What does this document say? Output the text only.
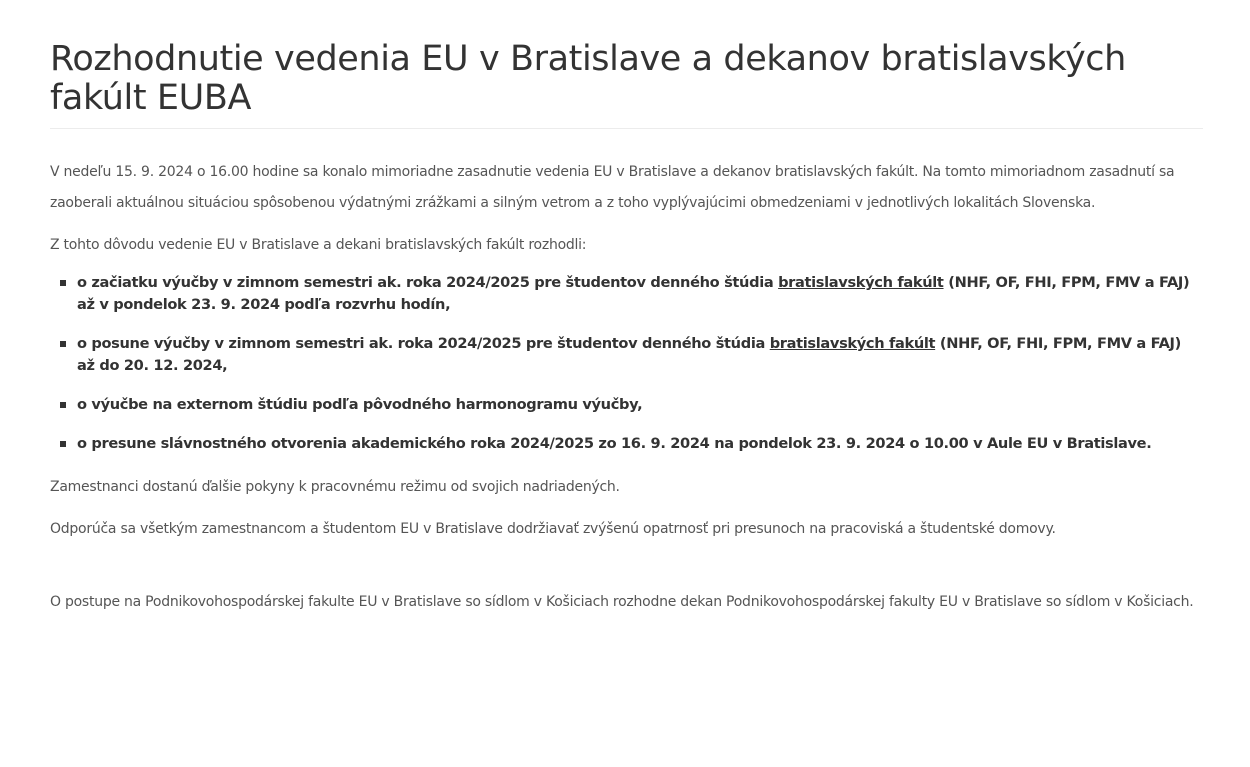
Rozhodnutie vedenia EU v Bratislave a dekanov bratislavských fakúlt EUBA

V nedeľu 15. 9. 2024 o 16.00 hodine sa konalo mimoriadne zasadnutie vedenia EU v Bratislave a dekanov bratislavských fakúlt. Na tomto mimoriadnom zasadnutí sa zaoberali aktuálnou situáciou spôsobenou výdatnými zrážkami a silným vetrom a z toho vyplývajúcimi obmedzeniami v jednotlivých lokalitách Slovenska.

Z tohto dôvodu vedenie EU v Bratislave a dekani bratislavských fakúlt rozhodli:

o začiatku výučby v zimnom semestri ak. roka 2024/2025 pre študentov denného štúdia bratislavských fakúlt (NHF, OF, FHI, FPM, FMV a FAJ) až v pondelok 23. 9. 2024 podľa rozvrhu hodín,
o posune výučby v zimnom semestri ak. roka 2024/2025 pre študentov denného štúdia bratislavských fakúlt (NHF, OF, FHI, FPM, FMV a FAJ) až do 20. 12. 2024,
o výučbe na externom štúdiu podľa pôvodného harmonogramu výučby,
o presune slávnostného otvorenia akademického roka 2024/2025 zo 16. 9. 2024 na pondelok 23. 9. 2024 o 10.00 v Aule EU v Bratislave.

Zamestnanci dostanú ďalšie pokyny k pracovnému režimu od svojich nadriadených.

Odporúča sa všetkým zamestnancom a študentom EU v Bratislave dodržiavať zvýšenú opatrnosť pri presunoch na pracoviská a študentské domovy.

O postupe na Podnikovohospodárskej fakulte EU v Bratislave so sídlom v Košiciach rozhodne dekan Podnikovohospodárskej fakulty EU v Bratislave so sídlom v Košiciach.
